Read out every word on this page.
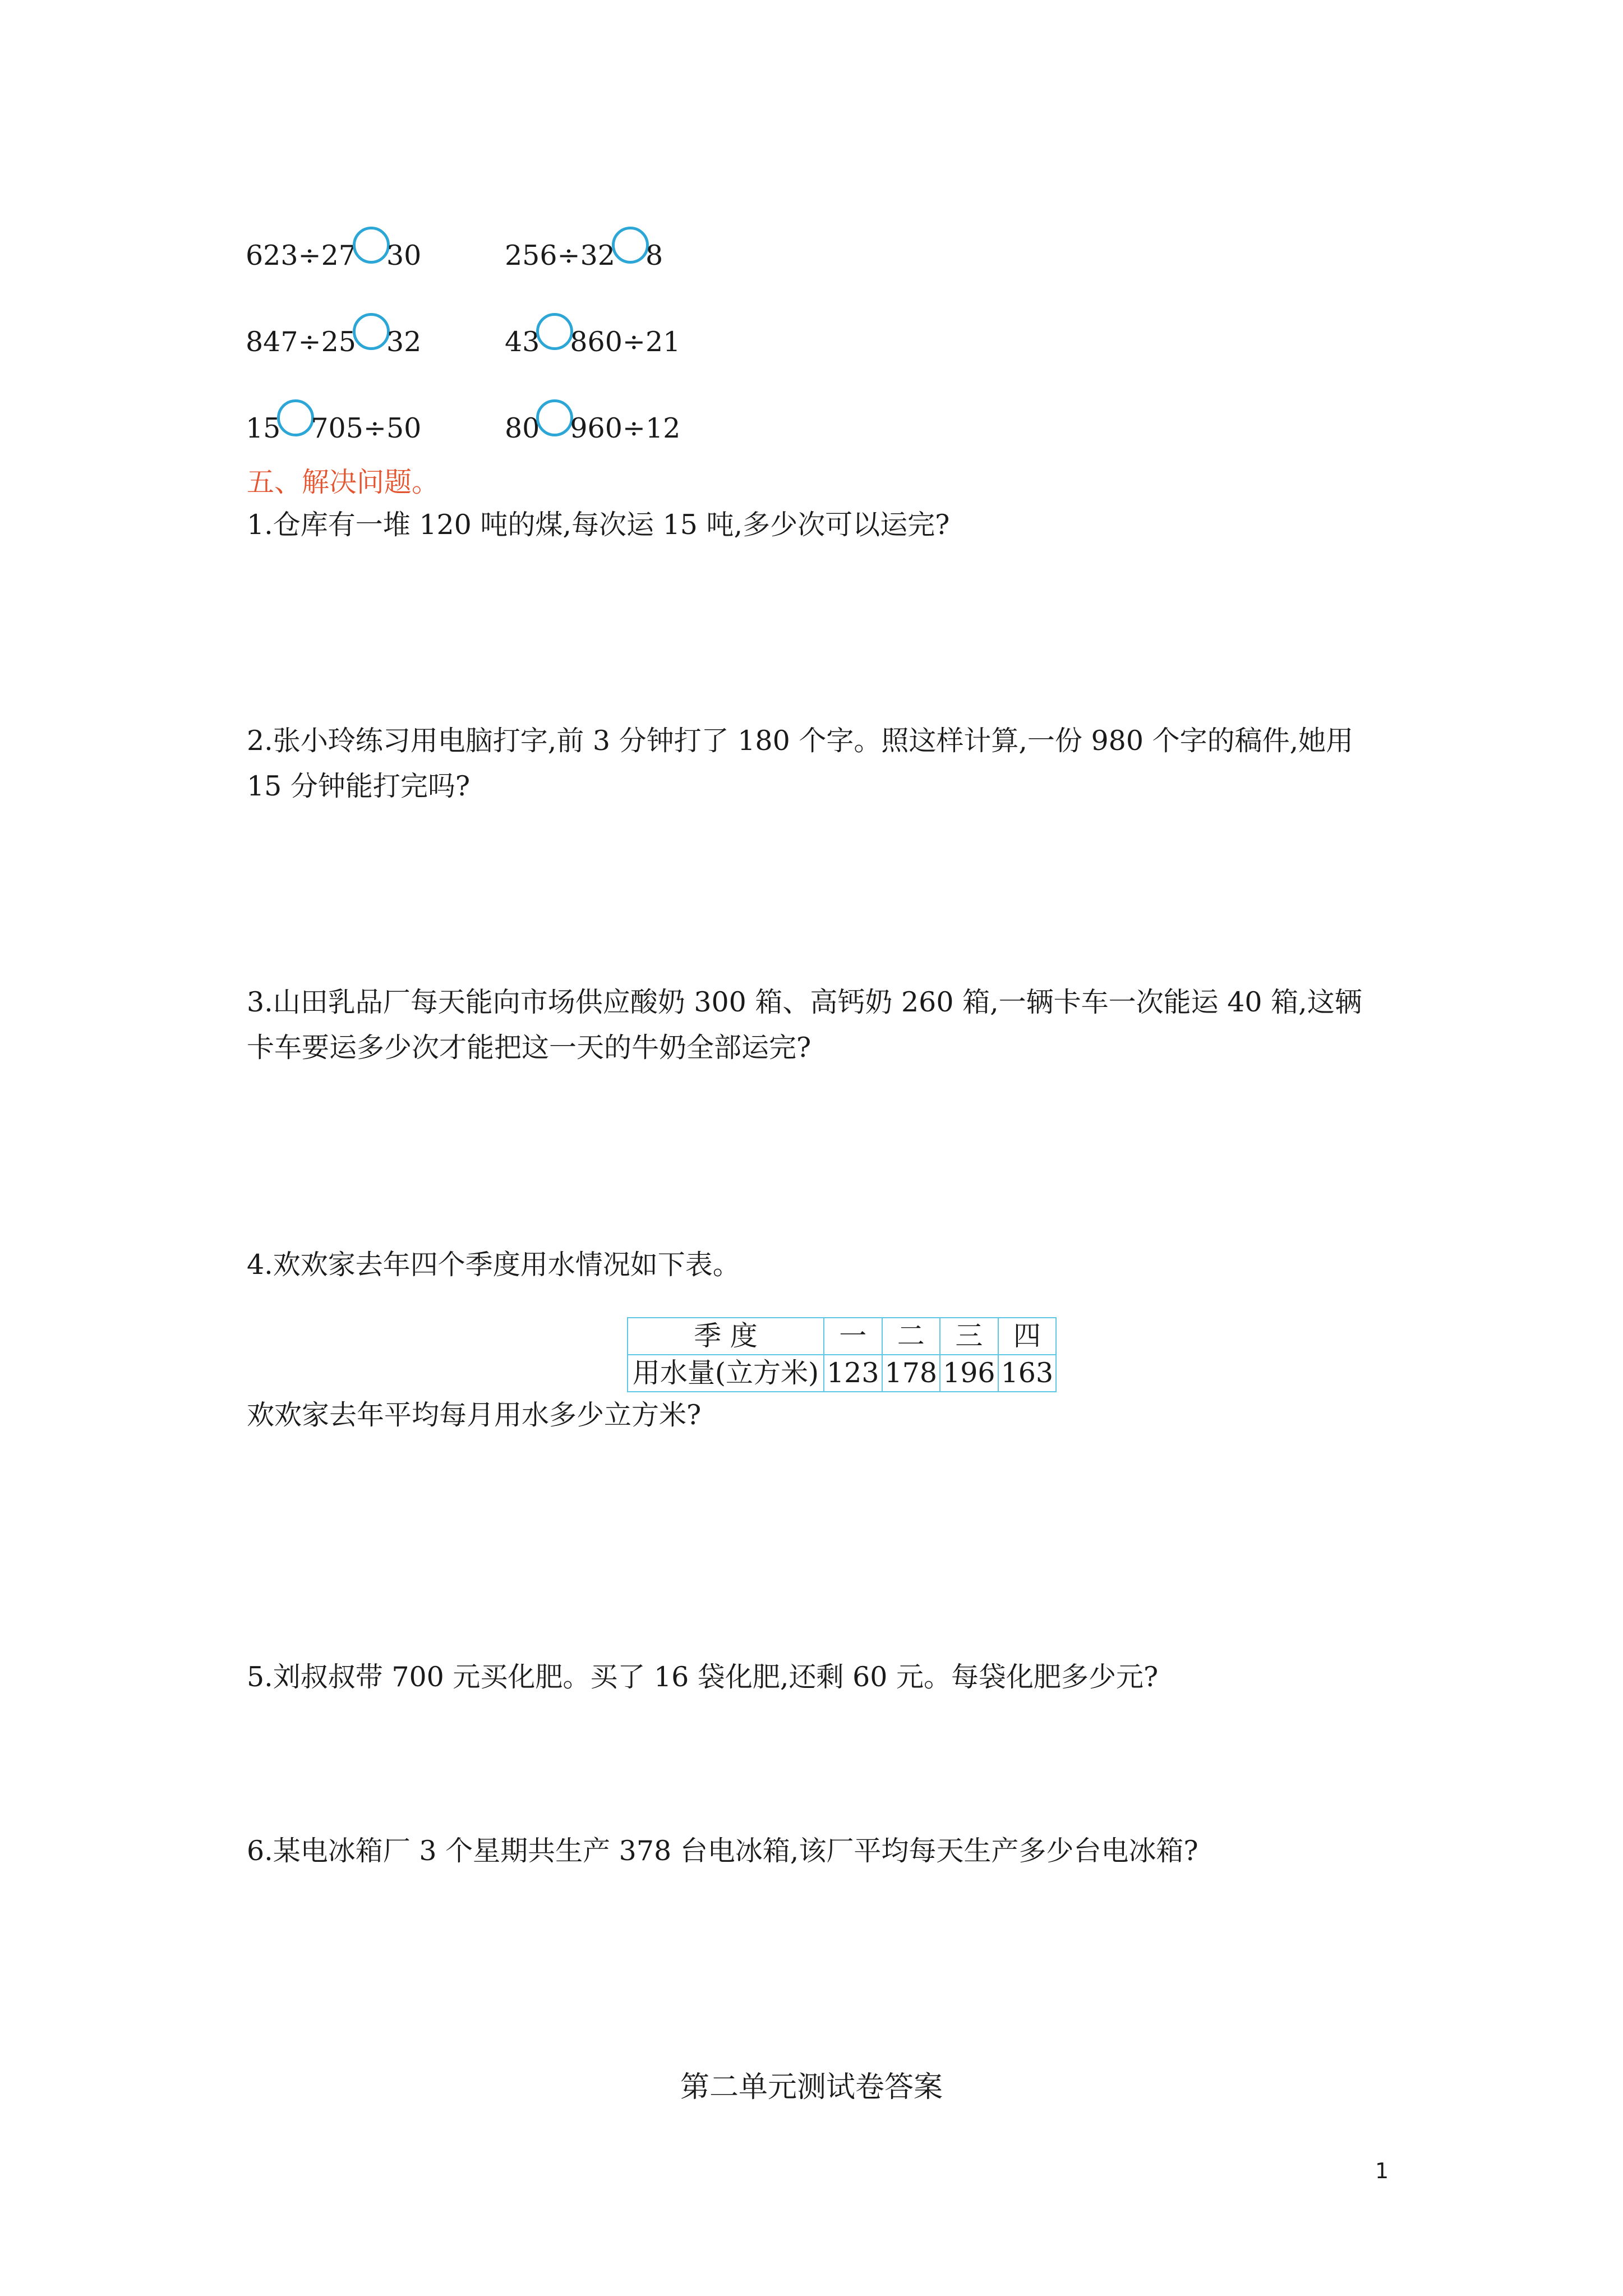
623÷27 30	256÷32 8
847÷25 32	43 860÷21
15 705÷50	80 960÷12
五、解决问题。
1.仓库有一堆 120 吨的煤,每次运 15 吨,多少次可以运完?
2.张小玲练习用电脑打字,前 3 分钟打了 180 个字。照这样计算,一份 980 个字的稿件,她用
15 分钟能打完吗?
3.山田乳品厂每天能向市场供应酸奶 300 箱、高钙奶 260 箱,一辆卡车一次能运 40 箱,这辆
卡车要运多少次才能把这一天的牛奶全部运完?
4.欢欢家去年四个季度用水情况如下表。
季 度	一	二	三	四
用水量(立方米)	123	178	196	163
欢欢家去年平均每月用水多少立方米?
5.刘叔叔带 700 元买化肥。买了 16 袋化肥,还剩 60 元。每袋化肥多少元?
6.某电冰箱厂 3 个星期共生产 378 台电冰箱,该厂平均每天生产多少台电冰箱?
第二单元测试卷答案
1
